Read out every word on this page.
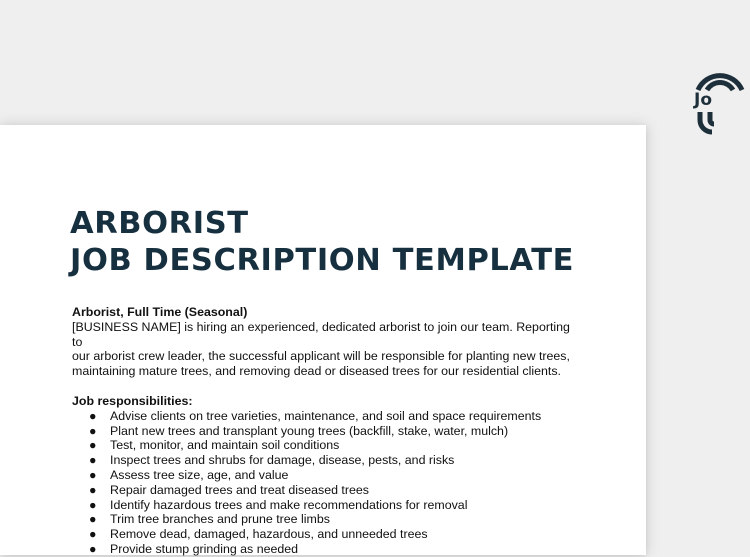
Jo
ARBORIST
JOB DESCRIPTION TEMPLATE
Arborist, Full Time (Seasonal)
[BUSINESS NAME] is hiring an experienced, dedicated arborist to join our team. Reporting to
our arborist crew leader, the successful applicant will be responsible for planting new trees,
maintaining mature trees, and removing dead or diseased trees for our residential clients.
Job responsibilities:
● Advise clients on tree varieties, maintenance, and soil and space requirements
● Plant new trees and transplant young trees (backfill, stake, water, mulch)
● Test, monitor, and maintain soil conditions
● Inspect trees and shrubs for damage, disease, pests, and risks
● Assess tree size, age, and value
● Repair damaged trees and treat diseased trees
● Identify hazardous trees and make recommendations for removal
● Trim tree branches and prune tree limbs
● Remove dead, damaged, hazardous, and unneeded trees
● Provide stump grinding as needed
